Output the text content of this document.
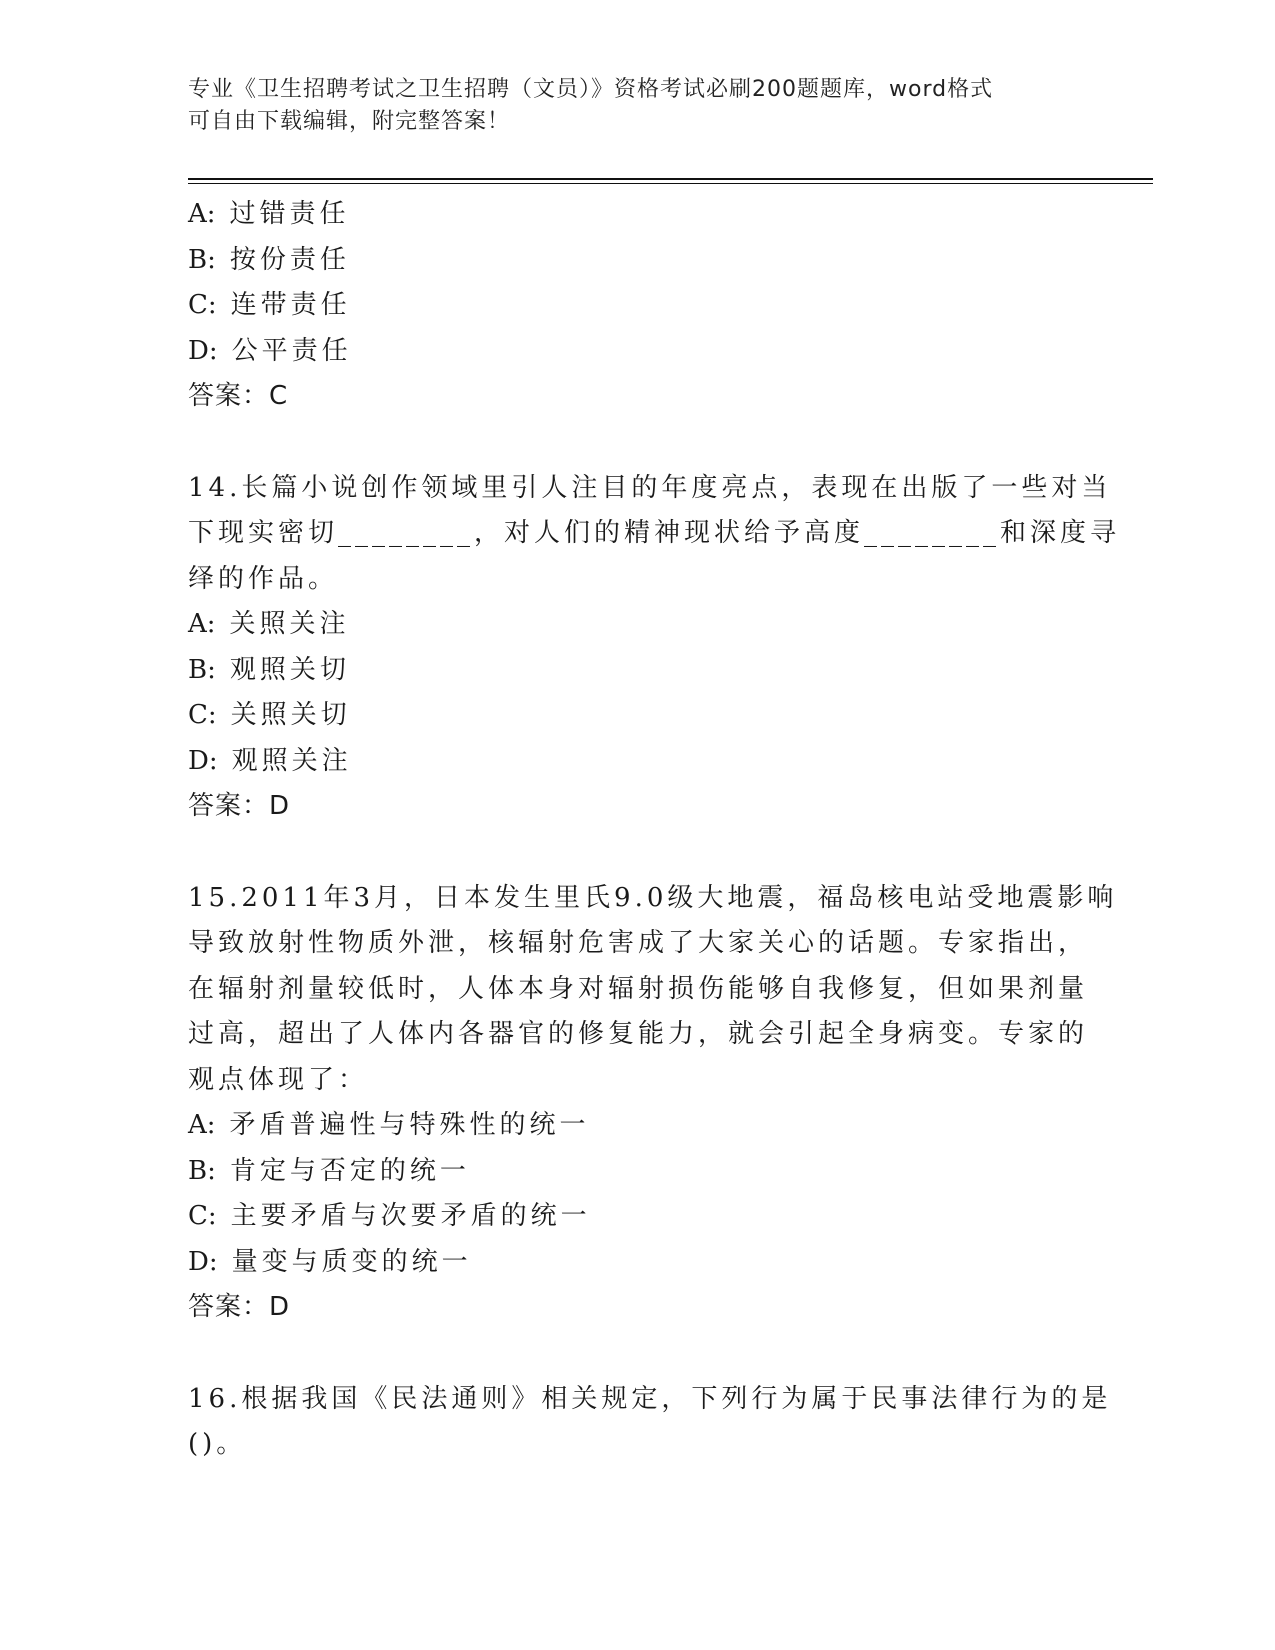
专业《卫生招聘考试之卫生招聘（文员）》资格考试必刷200题题库，word格式
可自由下载编辑，附完整答案！
A: 过错责任
B: 按份责任
C: 连带责任
D: 公平责任
答案：C
14.长篇小说创作领域里引人注目的年度亮点，表现在出版了一些对当
下现实密切________，对人们的精神现状给予高度________和深度寻
绎的作品。
A: 关照关注
B: 观照关切
C: 关照关切
D: 观照关注
答案：D
15.2011年3月，日本发生里氏9.0级大地震，福岛核电站受地震影响
导致放射性物质外泄，核辐射危害成了大家关心的话题。专家指出，
在辐射剂量较低时，人体本身对辐射损伤能够自我修复，但如果剂量
过高，超出了人体内各器官的修复能力，就会引起全身病变。专家的
观点体现了：
A: 矛盾普遍性与特殊性的统一
B: 肯定与否定的统一
C: 主要矛盾与次要矛盾的统一
D: 量变与质变的统一
答案：D
16.根据我国《民法通则》相关规定，下列行为属于民事法律行为的是
()。
